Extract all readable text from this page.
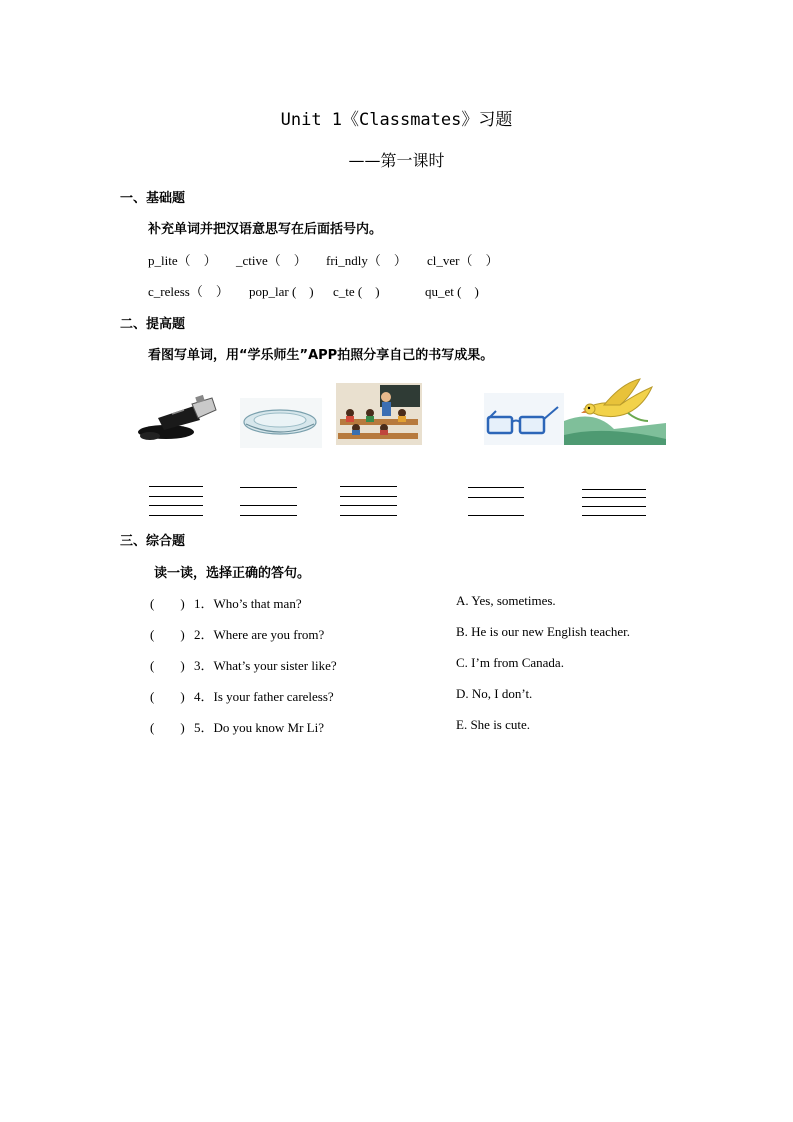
Unit 1《Classmates》习题
——第一课时
一、基础题
补充单词并把汉语意思写在后面括号内。
p_lite（　） _ctive（　） fri_ndly（　） cl_ver（　）
c_reless（　） pop_lar (　) c_te (　)	qu_et (　)
二、提高题
看图写单词，用“学乐师生”APP拍照分享自己的书写成果。
三、综合题
读一读，选择正确的答句。
(　　) 1．Who’s that man?	A. Yes, sometimes.
(　　) 2．Where are you from?	B. He is our new English teacher.
(　　) 3．What’s your sister like?	C. I’m from Canada.
(　　) 4．Is your father careless?	D. No, I don’t.
(　　) 5．Do you know Mr Li?	E. She is cute.
